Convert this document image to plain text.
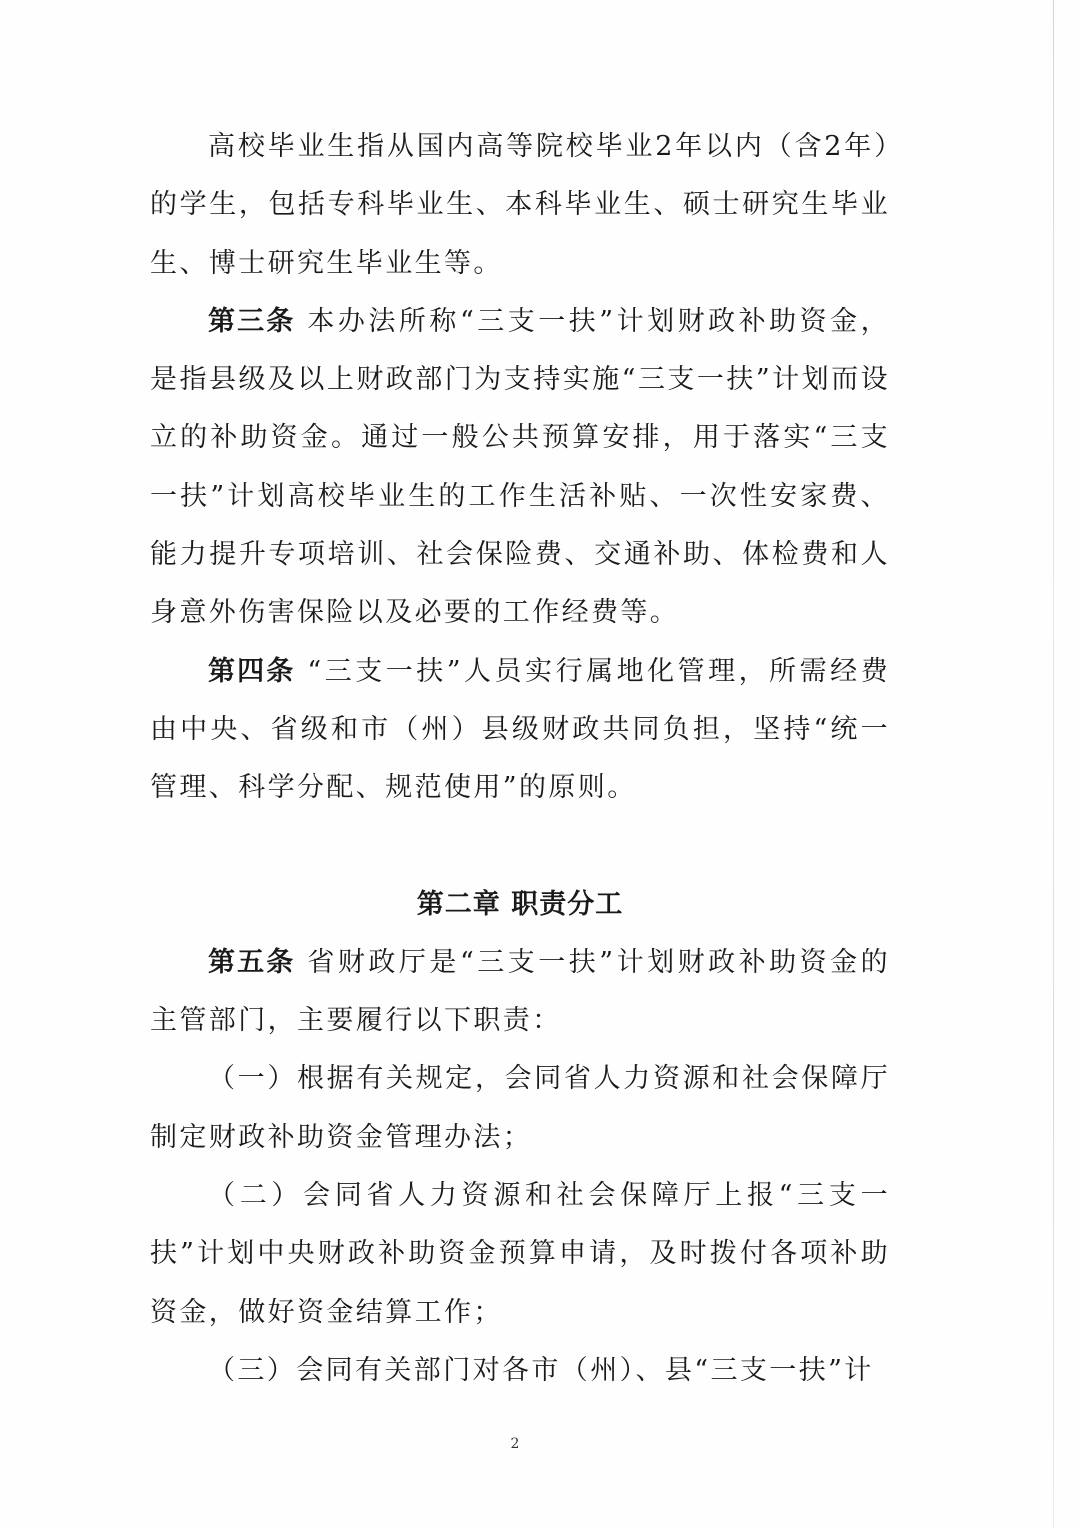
高校毕业生指从国内高等院校毕业2年以内（含2年）的学生，包括专科毕业生、本科毕业生、硕士研究生毕业生、博士研究生毕业生等。

第三条 本办法所称“三支一扶”计划财政补助资金，是指县级及以上财政部门为支持实施“三支一扶”计划而设立的补助资金。通过一般公共预算安排，用于落实“三支一扶”计划高校毕业生的工作生活补贴、一次性安家费、能力提升专项培训、社会保险费、交通补助、体检费和人身意外伤害保险以及必要的工作经费等。

第四条 “三支一扶”人员实行属地化管理，所需经费由中央、省级和市（州）县级财政共同负担，坚持“统一管理、科学分配、规范使用”的原则。

第二章 职责分工

第五条 省财政厅是“三支一扶”计划财政补助资金的主管部门，主要履行以下职责：

（一）根据有关规定，会同省人力资源和社会保障厅制定财政补助资金管理办法；

（二）会同省人力资源和社会保障厅上报“三支一扶”计划中央财政补助资金预算申请，及时拨付各项补助资金，做好资金结算工作；

（三）会同有关部门对各市（州）、县“三支一扶”计

2
